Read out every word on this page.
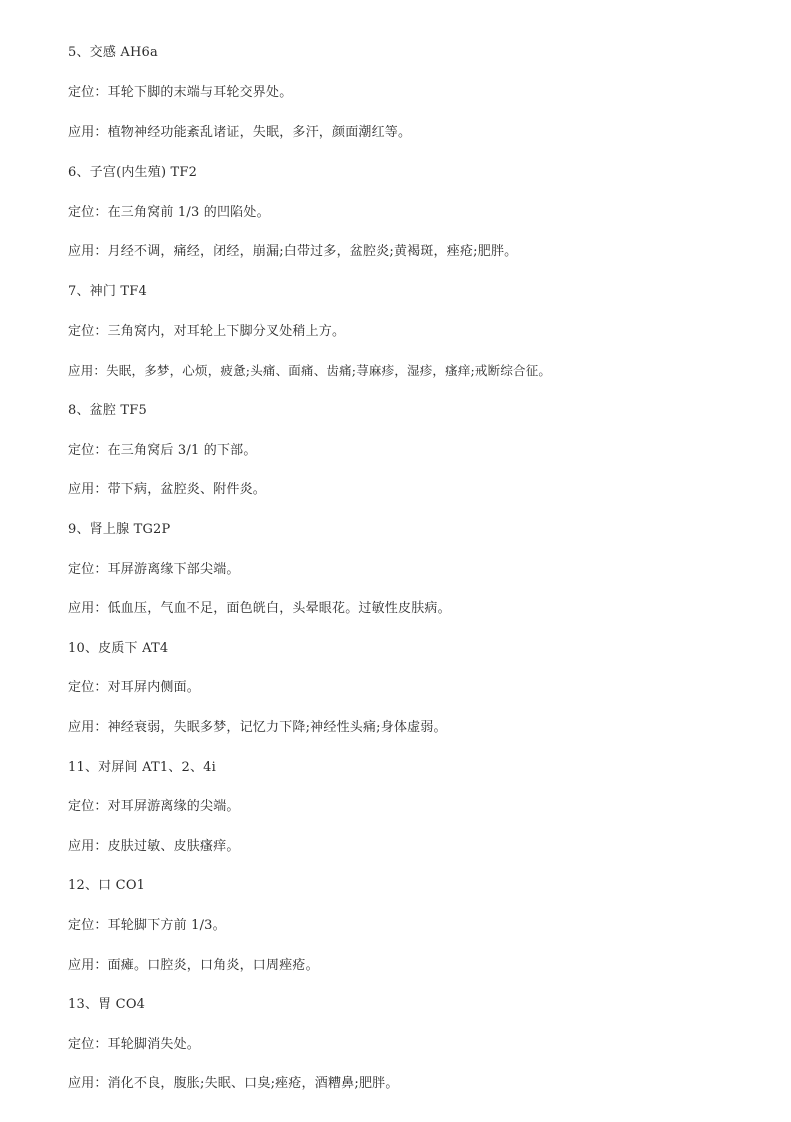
5、交感 AH6a
定位：耳轮下脚的末端与耳轮交界处。
应用：植物神经功能紊乱诸证，失眠，多汗，颜面潮红等。
6、子宫(内生殖) TF2
定位：在三角窝前 1/3 的凹陷处。
应用：月经不调，痛经，闭经，崩漏;白带过多，盆腔炎;黄褐斑，痤疮;肥胖。
7、神门 TF4
定位：三角窝内，对耳轮上下脚分叉处稍上方。
应用：失眠，多梦，心烦，疲惫;头痛、面痛、齿痛;荨麻疹，湿疹，瘙痒;戒断综合征。
8、盆腔 TF5
定位：在三角窝后 3/1 的下部。
应用：带下病，盆腔炎、附件炎。
9、肾上腺 TG2P
定位：耳屏游离缘下部尖端。
应用：低血压，气血不足，面色㿠白，头晕眼花。过敏性皮肤病。
10、皮质下 AT4
定位：对耳屏内侧面。
应用：神经衰弱，失眠多梦，记忆力下降;神经性头痛;身体虚弱。
11、对屏间 AT1、2、4i
定位：对耳屏游离缘的尖端。
应用：皮肤过敏、皮肤瘙痒。
12、口 CO1
定位：耳轮脚下方前 1/3。
应用：面瘫。口腔炎，口角炎，口周痤疮。
13、胃 CO4
定位：耳轮脚消失处。
应用：消化不良，腹胀;失眠、口臭;痤疮，酒糟鼻;肥胖。
